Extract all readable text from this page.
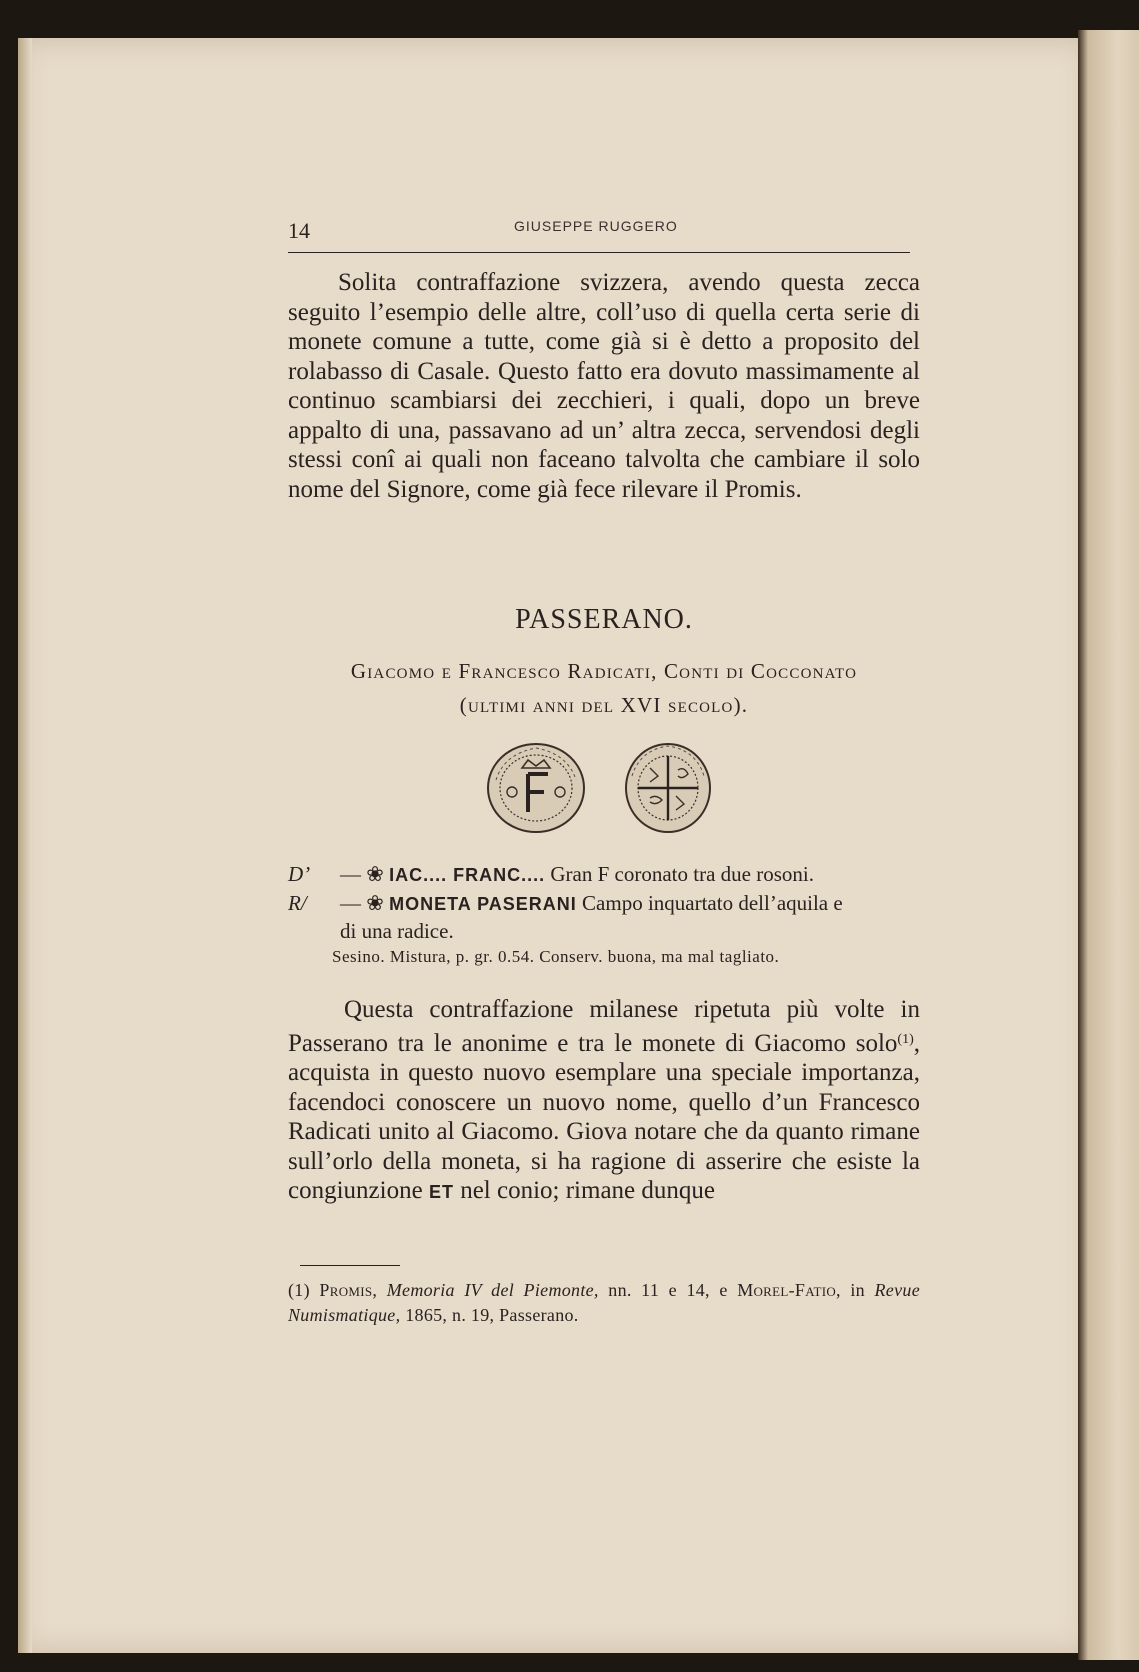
14	GIUSEPPE RUGGERO

Solita contraffazione svizzera, avendo questa zecca seguito l’esempio delle altre, coll’uso di quella certa serie di monete comune a tutte, come già si è detto a proposito del rolabasso di Casale. Questo fatto era dovuto massimamente al continuo scambiarsi dei zecchieri, i quali, dopo un breve appalto di una, passavano ad un’ altra zecca, servendosi degli stessi conî ai quali non faceano talvolta che cambiare il solo nome del Signore, come già fece rilevare il Promis.

PASSERANO.
Giacomo e Francesco Radicati, Conti di Cocconato
(ultimi anni del XVI secolo).
D’ — ❀ IAC.... FRANC.... Gran F coronato tra due rosoni.
R/ — ❀ MONETA PASERANI Campo inquartato dell’aquila e
di una radice.
Sesino. Mistura, p. gr. 0.54. Conserv. buona, ma mal tagliato.

Questa contraffazione milanese ripetuta più volte in Passerano tra le anonime e tra le monete di Giacomo solo$^{(1)}$, acquista in questo nuovo esemplare una speciale importanza, facendoci conoscere un nuovo nome, quello d’un Francesco Radicati unito al Giacomo. Giova notare che da quanto rimane sull’orlo della moneta, si ha ragione di asserire che esiste la congiunzione ET nel conio; rimane dunque

(1) Promis, Memoria IV del Piemonte, nn. 11 e 14, e Morel-Fatio, in Revue Numismatique, 1865, n. 19, Passerano.
